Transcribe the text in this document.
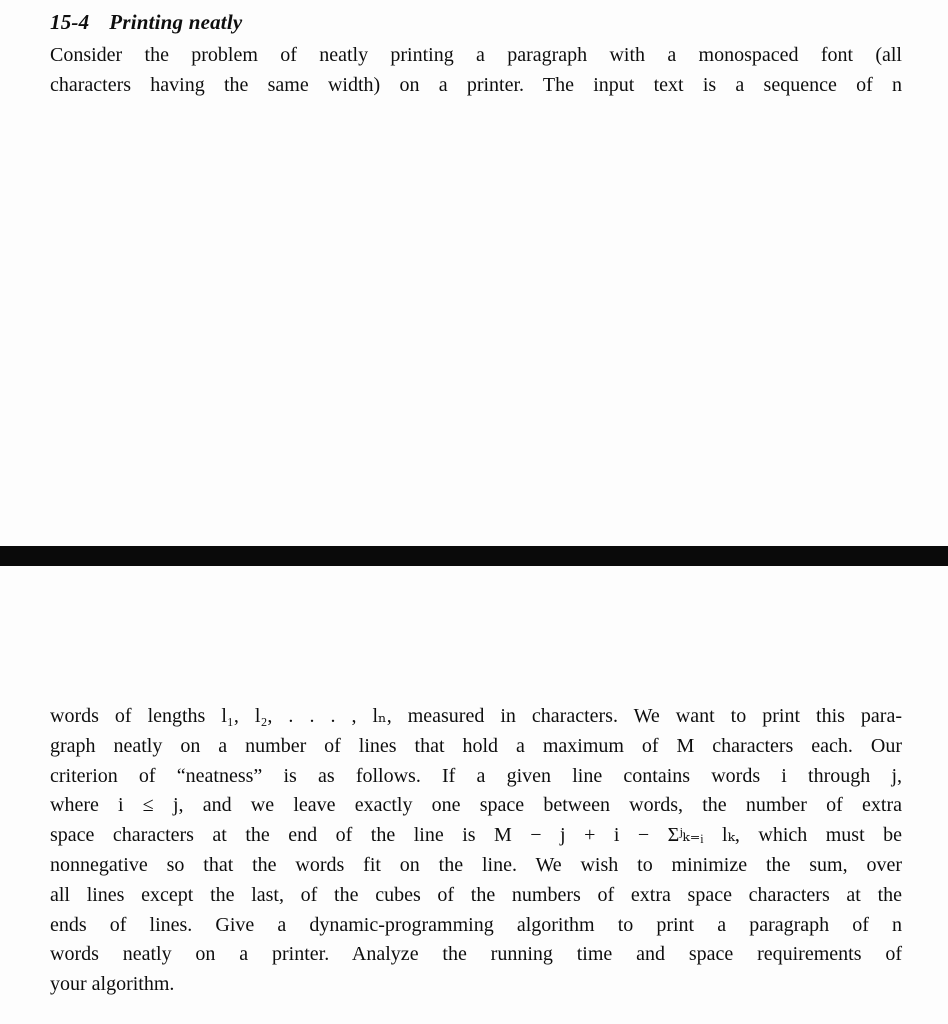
15-4 Printing neatly
Consider the problem of neatly printing a paragraph with a monospaced font (all
characters having the same width) on a printer. The input text is a sequence of n
words of lengths l₁, l₂, . . . , lₙ, measured in characters. We want to print this para-
graph neatly on a number of lines that hold a maximum of M characters each. Our
criterion of “neatness” is as follows. If a given line contains words i through j,
where i ≤ j, and we leave exactly one space between words, the number of extra
space characters at the end of the line is M − j + i − Σʲₖ₌ᵢ lₖ, which must be
nonnegative so that the words fit on the line. We wish to minimize the sum, over
all lines except the last, of the cubes of the numbers of extra space characters at the
ends of lines. Give a dynamic-programming algorithm to print a paragraph of n
words neatly on a printer. Analyze the running time and space requirements of
your algorithm.
